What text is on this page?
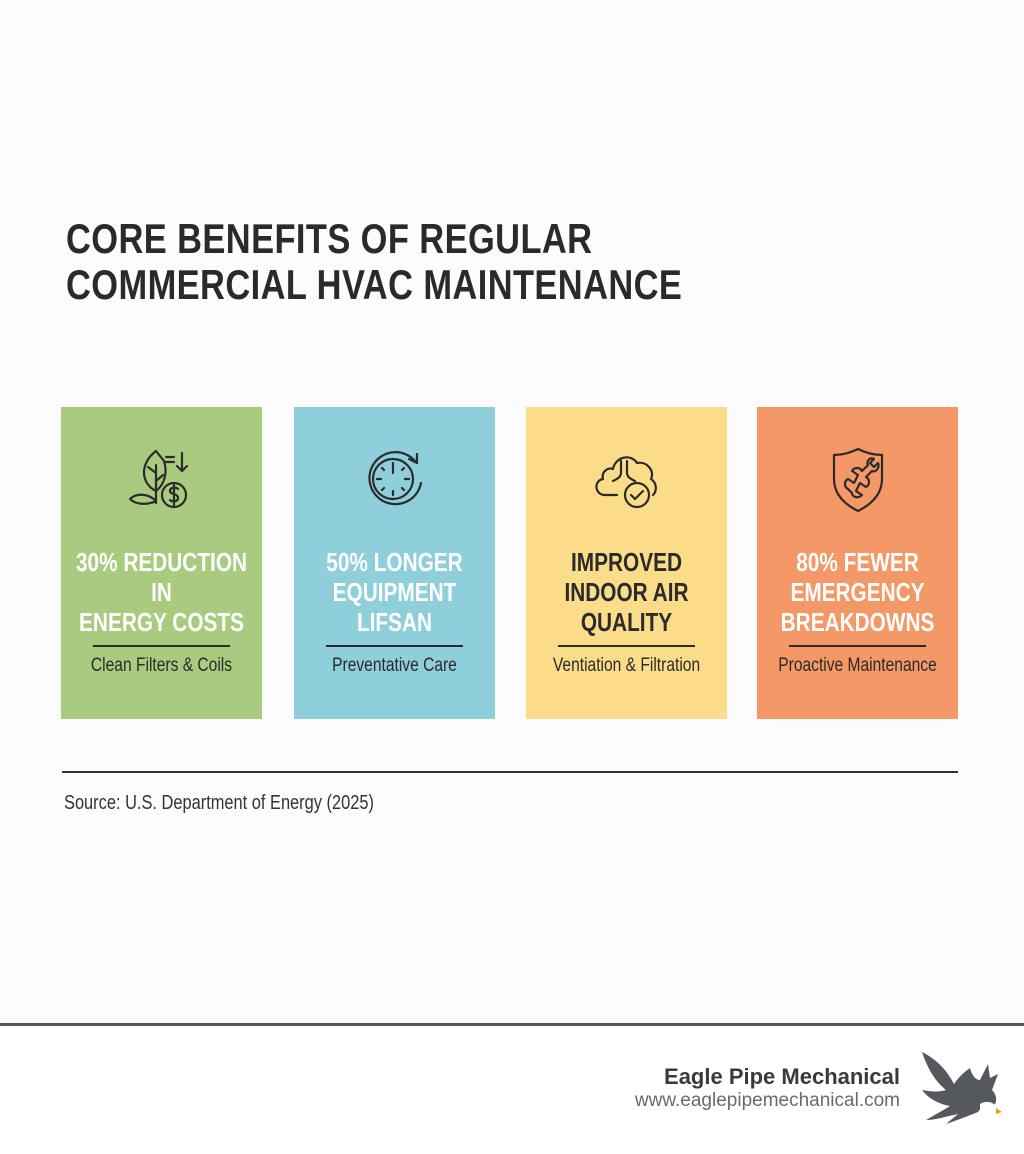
CORE BENEFITS OF REGULAR
COMMERCIAL HVAC MAINTENANCE
30% REDUCTION
IN
ENERGY COSTS
Clean Filters & Coils
50% LONGER
EQUIPMENT
LIFSAN
Preventative Care
IMPROVED
INDOOR AIR
QUALITY
Ventiation & Filtration
80% FEWER
EMERGENCY
BREAKDOWNS
Proactive Maintenance
Source: U.S. Department of Energy (2025)
Eagle Pipe Mechanical
www.eaglepipemechanical.com
